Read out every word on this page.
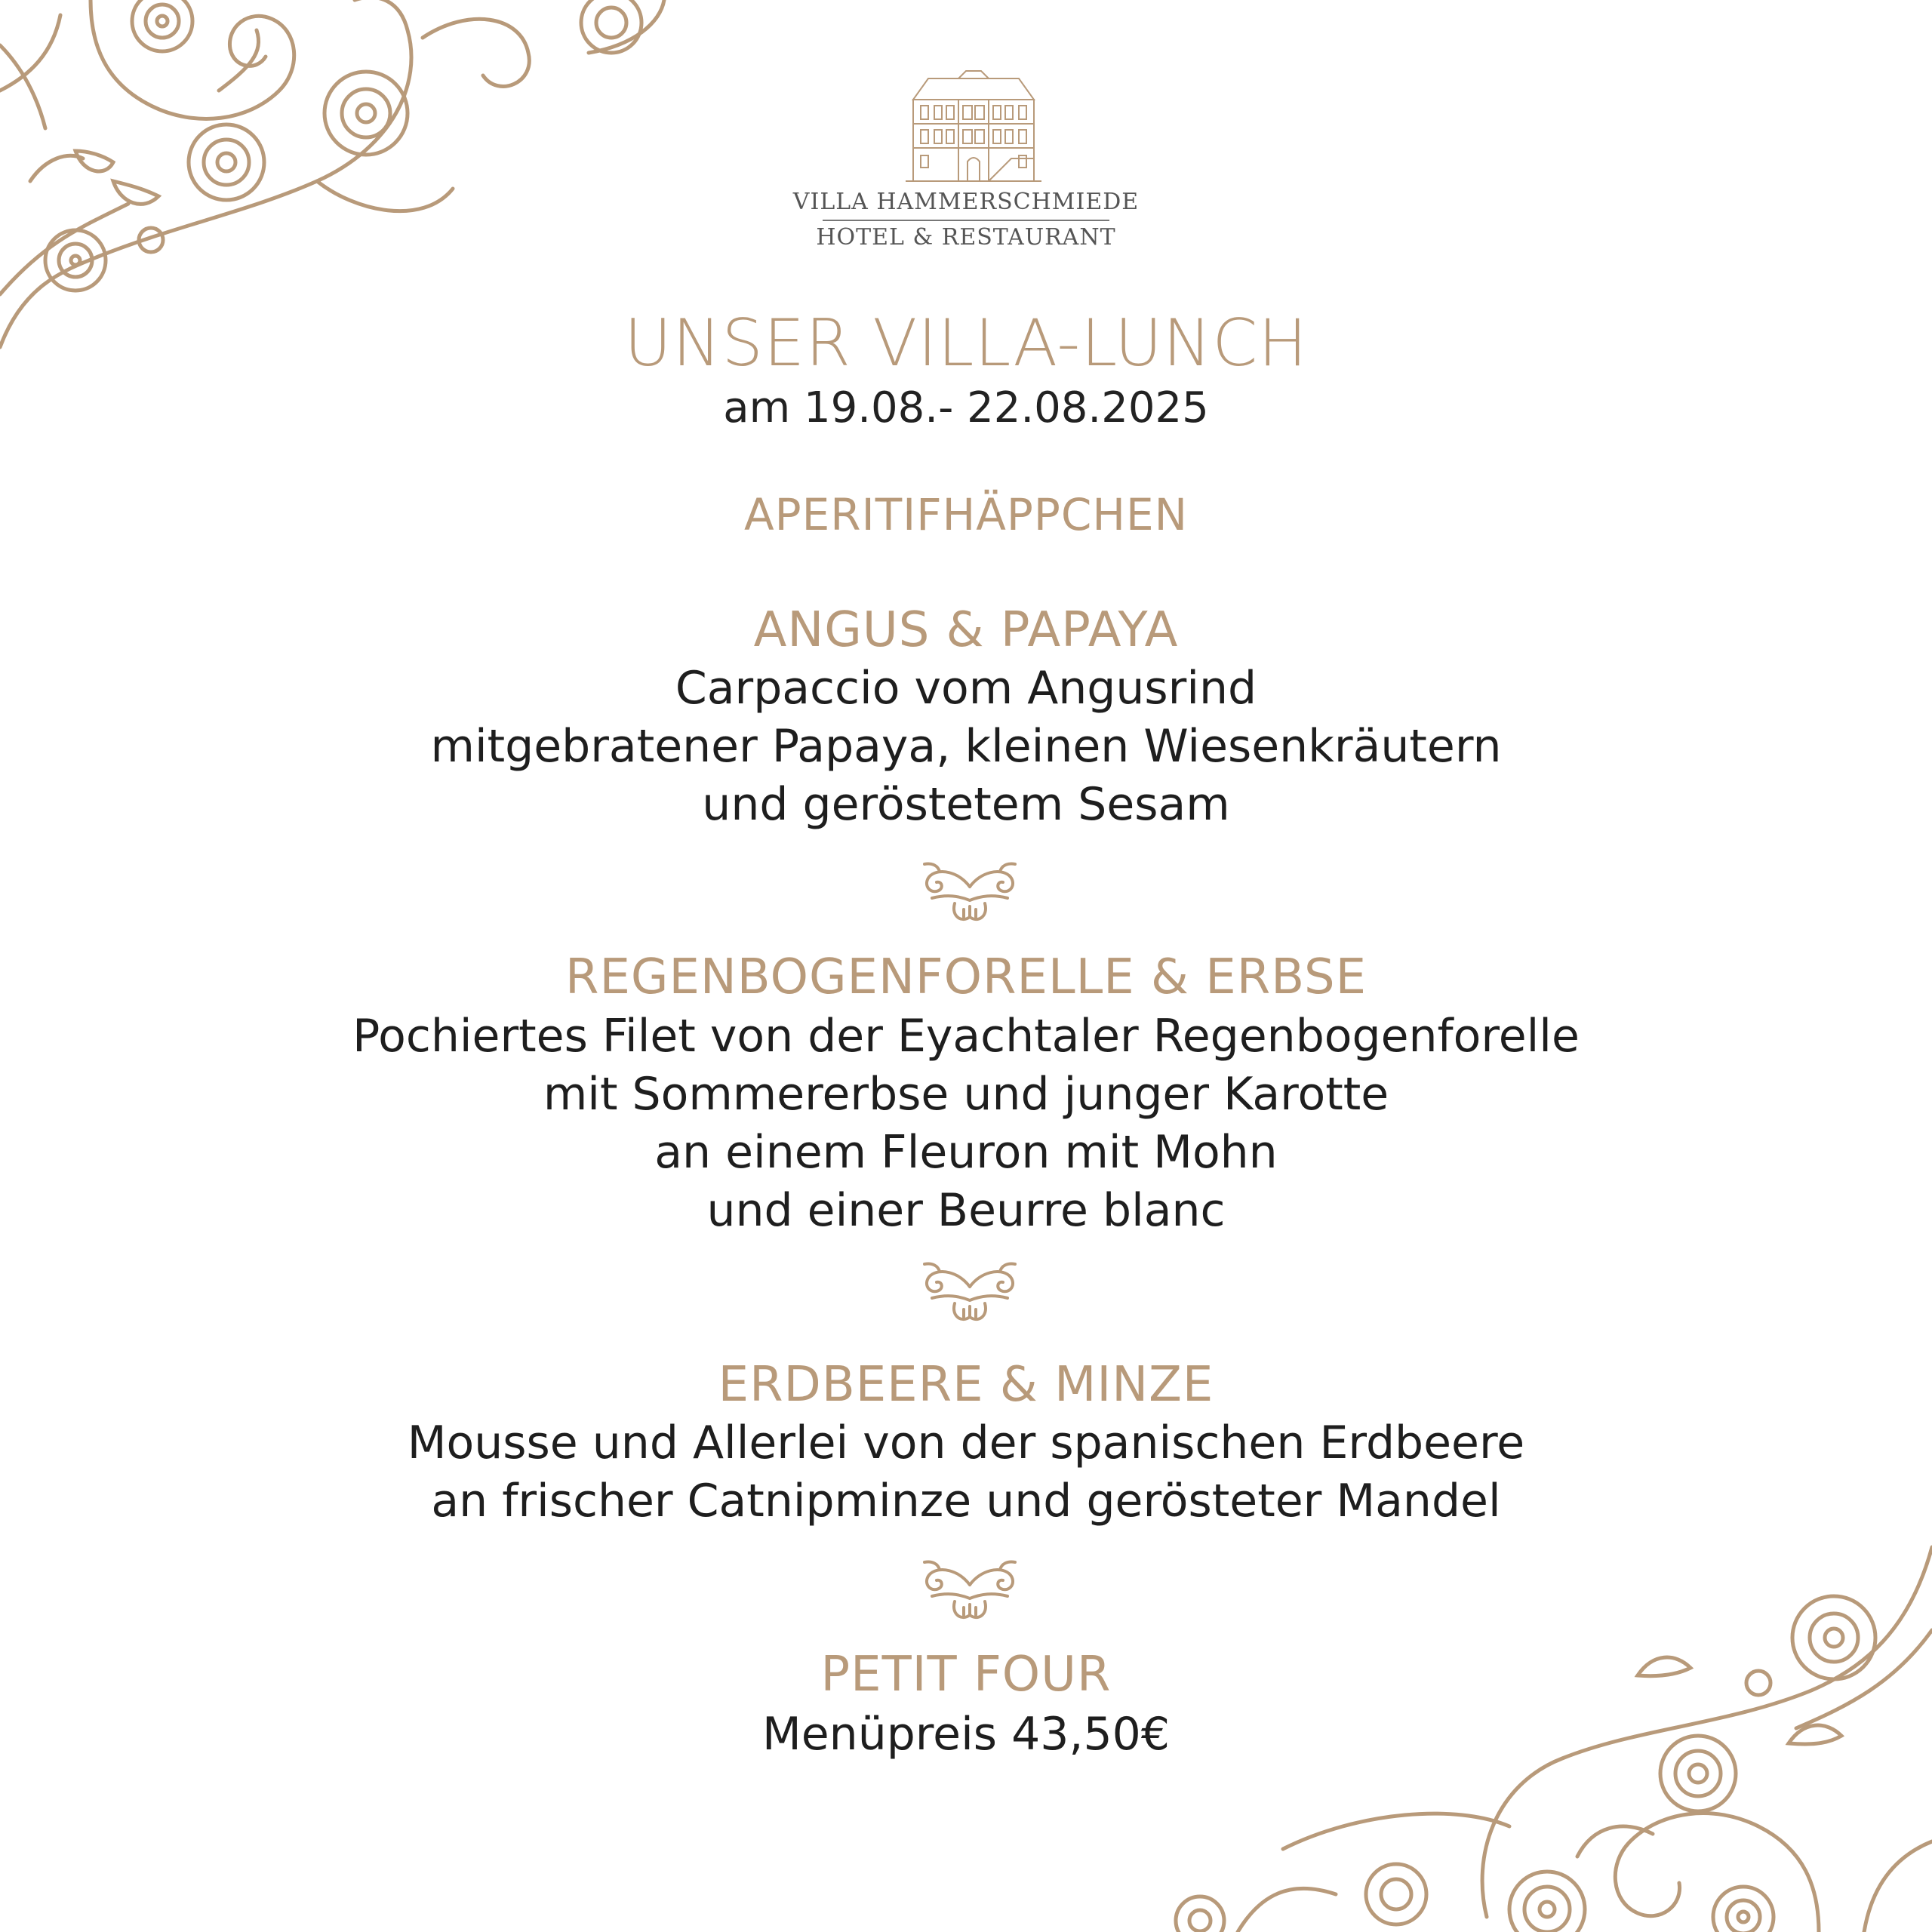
VILLA HAMMERSCHMIEDE
HOTEL & RESTAURANT
UNSER VILLA-LUNCH
am 19.08.- 22.08.2025
APERITIFHÄPPCHEN
ANGUS & PAPAYA
Carpaccio vom Angusrind
mitgebratener Papaya, kleinen Wiesenkräutern
und geröstetem Sesam
REGENBOGENFORELLE & ERBSE
Pochiertes Filet von der Eyachtaler Regenbogenforelle
mit Sommererbse und junger Karotte
an einem Fleuron mit Mohn
und einer Beurre blanc
ERDBEERE & MINZE
Mousse und Allerlei von der spanischen Erdbeere
an frischer Catnipminze und gerösteter Mandel
PETIT FOUR
Menüpreis 43,50€
